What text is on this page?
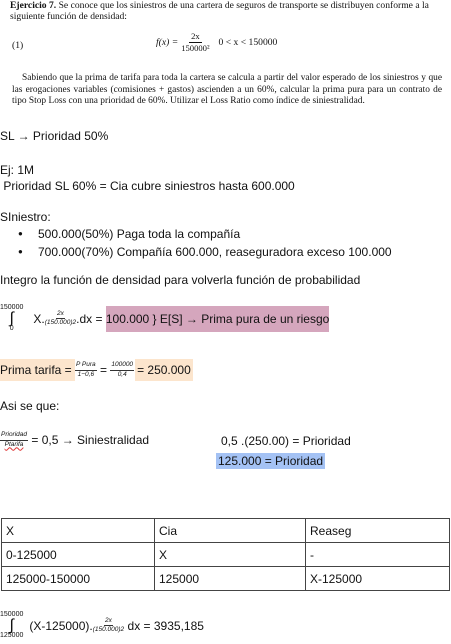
Ejercicio 7. Se conoce que los siniestros de una cartera de seguros de transporte se distribuyen conforme a la siguiente función de densidad:
(1)	$f(x) = \frac{2x}{\text{150000²}} 0 < x < 150000$
Sabiendo que la prima de tarifa para toda la cartera se calcula a partir del valor esperado de los siniestros y que las erogaciones variables (comisiones + gastos) ascienden a un 60%, calcular la prima pura para un contrato de tipo Stop Loss con una prioridad de 60%. Utilizar el Loss Ratio como índice de siniestralidad.
SL → Prioridad 50%
Ej: 1M
Prioridad SL 60% = Cia cubre siniestros hasta 600.000
SIniestro:
● 500.000(50%) Paga toda la compañía
● 700.000(70%) Compañía 600.000, reaseguradora exceso 100.000
Integro la función de densidad para volverla función de probabilidad
150000
∫
0
X. $\frac{2x}{(150.000)2} .dx = 100.000$ } E[S] → Prima pura de un riesgo
Prima tarifa = $\frac{\text{P Pura}}{1-0,6} = \frac{100000}{0,4} = 250.000$
Asi se que:
$\frac{\text{Prioridad}}{\text{Ptarifa}} = 0,5$ → Siniestralidad	0,5 .(250.00) = Prioridad
125.000 = Prioridad
X	Cia	Reaseg
0-125000	X	-
125000-150000	125000	X-125000
150000
∫
125000
(X-125000). $\frac{2x}{(150.000)2}$ dx = 3935,185
